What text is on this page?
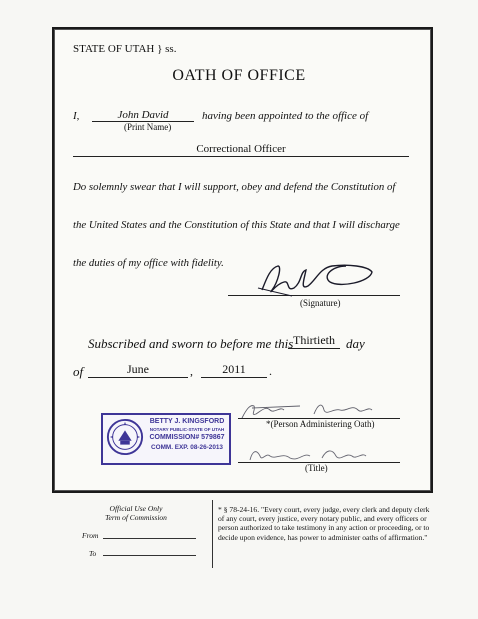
STATE OF UTAH } ss.
OATH OF OFFICE
I,	John David
(Print Name)
having been appointed to the office of
Correctional Officer
Do solemnly swear that I will support, obey and defend the Constitution of
the United States and the Constitution of this State and that I will discharge
the duties of my office with fidelity.
(Signature)
Subscribed and sworn to before me this Thirtieth day
of	June	,	2011	.
BETTY J. KINGSFORD
NOTARY PUBLIC-STATE OF UTAH
COMMISSION# 579867
COMM. EXP. 08-26-2013
*(Person Administering Oath)
(Title)
Official Use Only
Term of Commission
From
To
* § 78-24-16. "Every court, every judge, every clerk and deputy clerk of any court, every justice, every notary public, and every officers or person authorized to take testimony in any action or proceeding, or to decide upon evidence, has power to administer oaths of affirmation."
